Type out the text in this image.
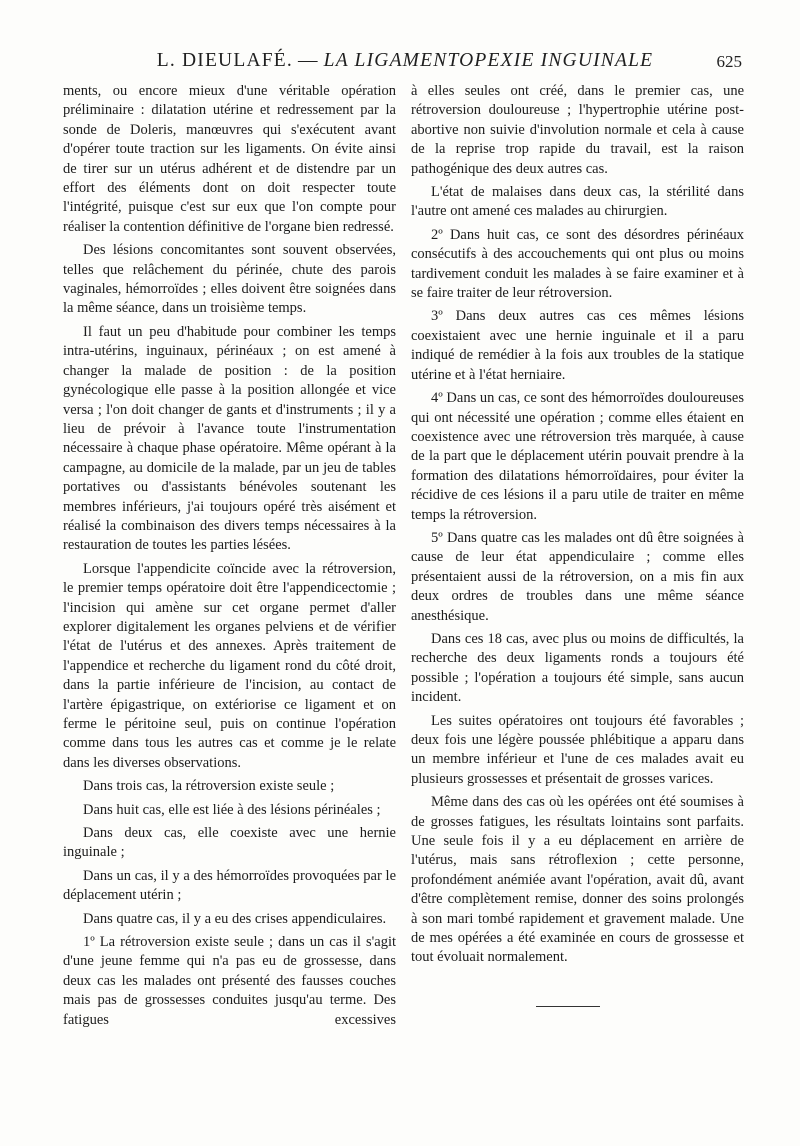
L. DIEULAFÉ. — LA LIGAMENTOPEXIE INGUINALE	625

ments, ou encore mieux d'une véritable opération préliminaire : dilatation utérine et redressement par la sonde de Doleris, manœuvres qui s'exécutent avant d'opérer toute traction sur les ligaments. On évite ainsi de tirer sur un utérus adhérent et de distendre par un effort des éléments dont on doit respecter toute l'intégrité, puisque c'est sur eux que l'on compte pour réaliser la contention définitive de l'organe bien redressé.

Des lésions concomitantes sont souvent observées, telles que relâchement du périnée, chute des parois vaginales, hémorroïdes ; elles doivent être soignées dans la même séance, dans un troisième temps.

Il faut un peu d'habitude pour combiner les temps intra-utérins, inguinaux, périnéaux ; on est amené à changer la malade de position : de la position gynécologique elle passe à la position allongée et vice versa ; l'on doit changer de gants et d'instruments ; il y a lieu de prévoir à l'avance toute l'instrumentation nécessaire à chaque phase opératoire. Même opérant à la campagne, au domicile de la malade, par un jeu de tables portatives ou d'assistants bénévoles soutenant les membres inférieurs, j'ai toujours opéré très aisément et réalisé la combinaison des divers temps nécessaires à la restauration de toutes les parties lésées.

Lorsque l'appendicite coïncide avec la rétroversion, le premier temps opératoire doit être l'appendicectomie ; l'incision qui amène sur cet organe permet d'aller explorer digitalement les organes pelviens et de vérifier l'état de l'utérus et des annexes. Après traitement de l'appendice et recherche du ligament rond du côté droit, dans la partie inférieure de l'incision, au contact de l'artère épigastrique, on extériorise ce ligament et on ferme le péritoine seul, puis on continue l'opération comme dans tous les autres cas et comme je le relate dans les diverses observations.

Dans trois cas, la rétroversion existe seule ;

Dans huit cas, elle est liée à des lésions périnéales ;

Dans deux cas, elle coexiste avec une hernie inguinale ;

Dans un cas, il y a des hémorroïdes provoquées par le déplacement utérin ;

Dans quatre cas, il y a eu des crises appendiculaires.

1º La rétroversion existe seule ; dans un cas il s'agit d'une jeune femme qui n'a pas eu de grossesse, dans deux cas les malades ont présenté des fausses couches mais pas de grossesses conduites jusqu'au terme. Des fatigues excessives

à elles seules ont créé, dans le premier cas, une rétroversion douloureuse ; l'hypertrophie utérine post-abortive non suivie d'involution normale et cela à cause de la reprise trop rapide du travail, est la raison pathogénique des deux autres cas.

L'état de malaises dans deux cas, la stérilité dans l'autre ont amené ces malades au chirurgien.

2º Dans huit cas, ce sont des désordres périnéaux consécutifs à des accouchements qui ont plus ou moins tardivement conduit les malades à se faire examiner et à se faire traiter de leur rétroversion.

3º Dans deux autres cas ces mêmes lésions coexistaient avec une hernie inguinale et il a paru indiqué de remédier à la fois aux troubles de la statique utérine et à l'état herniaire.

4º Dans un cas, ce sont des hémorroïdes douloureuses qui ont nécessité une opération ; comme elles étaient en coexistence avec une rétroversion très marquée, à cause de la part que le déplacement utérin pouvait prendre à la formation des dilatations hémorroïdaires, pour éviter la récidive de ces lésions il a paru utile de traiter en même temps la rétroversion.

5º Dans quatre cas les malades ont dû être soignées à cause de leur état appendiculaire ; comme elles présentaient aussi de la rétroversion, on a mis fin aux deux ordres de troubles dans une même séance anesthésique.

Dans ces 18 cas, avec plus ou moins de difficultés, la recherche des deux ligaments ronds a toujours été possible ; l'opération a toujours été simple, sans aucun incident.

Les suites opératoires ont toujours été favorables ; deux fois une légère poussée phlébitique a apparu dans un membre inférieur et l'une de ces malades avait eu plusieurs grossesses et présentait de grosses varices.

Même dans des cas où les opérées ont été soumises à de grosses fatigues, les résultats lointains sont parfaits. Une seule fois il y a eu déplacement en arrière de l'utérus, mais sans rétroflexion ; cette personne, profondément anémiée avant l'opération, avait dû, avant d'être complètement remise, donner des soins prolongés à son mari tombé rapidement et gravement malade. Une de mes opérées a été examinée en cours de grossesse et tout évoluait normalement.
